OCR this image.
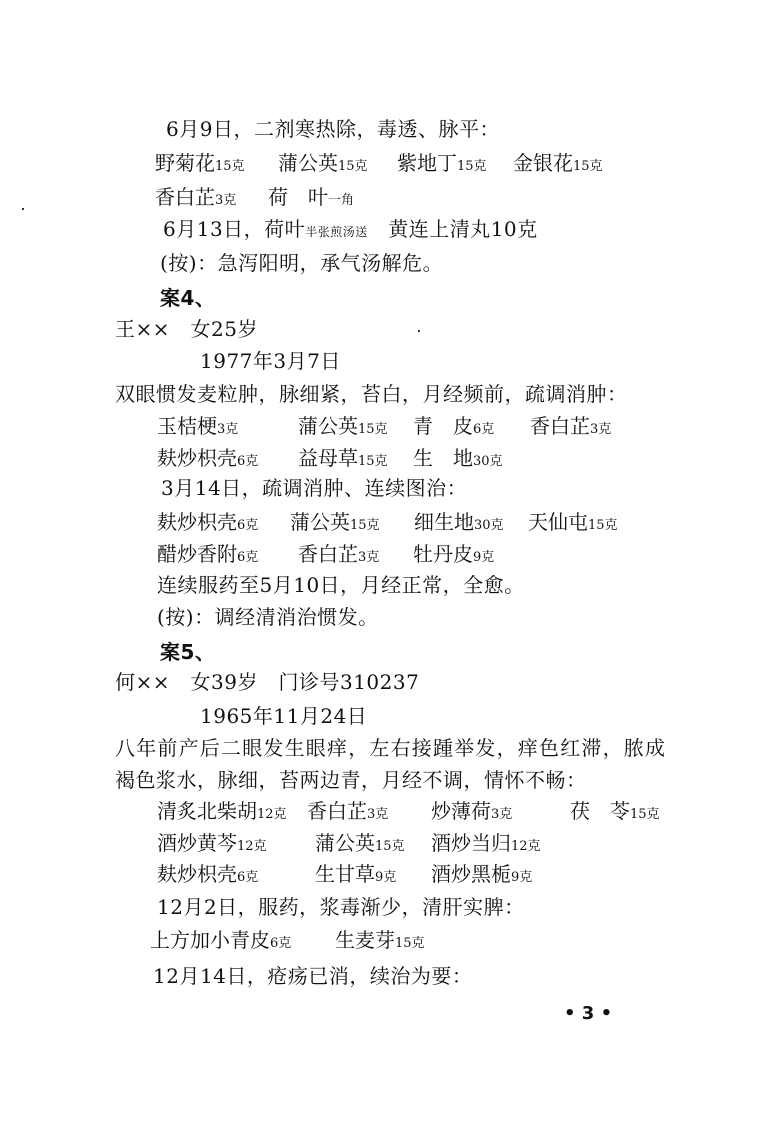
6月9日，二剂寒热除，毒透、脉平：
野菊花15克 蒲公英15克 紫地丁15克 金银花15克
香白芷3克 荷　叶一角
6月13日，荷叶半张煎汤送　 黄连上清丸10克
(按)：急泻阳明，承气汤解危。
案4、
王××　女25岁
1977年3月7日
双眼惯发麦粒肿，脉细紧，苔白，月经频前，疏调消肿：
玉桔梗3克	蒲公英15克 青　皮6克 香白芷3克
麸炒枳壳6克 益母草15克 生　地30克
3月14日，疏调消肿、连续图治：
麸炒枳壳6克 蒲公英15克 细生地30克 天仙屯15克
醋炒香附6克 香白芷3克 牡丹皮9克
连续服药至5月10日，月经正常，全愈。
(按)：调经清消治惯发。
案5、
何××　女39岁　门诊号310237
1965年11月24日
八年前产后二眼发生眼痒，左右接踵举发，痒色红滞，脓成
褐色浆水，脉细，苔两边青，月经不调，情怀不畅：
清炙北柴胡12克 香白芷3克 炒薄荷3克	茯　苓15克
酒炒黄芩12克 蒲公英15克 酒炒当归12克
麸炒枳壳6克	生甘草9克 酒炒黑栀9克
12月2日，服药，浆毒渐少，清肝实脾：
上方加小青皮6克 生麦芽15克
12月14日，疮疡已消，续治为要：
• 3 •
